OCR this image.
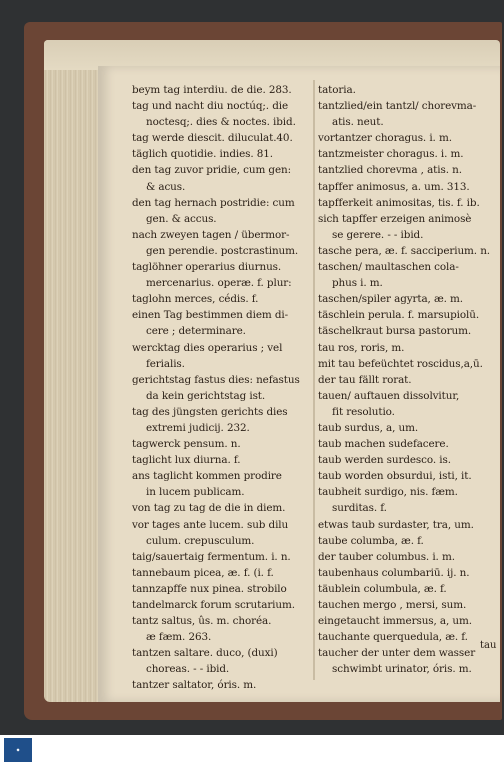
beym tag interdiu. de die. 283.
tag und nacht diu noctúq;. die
noctesq;. dies & noctes. ibid.
tag werde diescit. diluculat.40.
täglich quotidie. indies. 81.
den tag zuvor pridie, cum gen:
& acus.
den tag hernach postridie: cum
gen. & accus.
nach zweyen tagen / übermor-
gen perendie. postcrastinum.
taglöhner operarius diurnus.
mercenarius. operæ. f. plur:
taglohn merces, cédis. f.
einen Tag bestimmen diem di-
cere ; determinare.
wercktag dies operarius ; vel
ferialis.
gerichtstag fastus dies: nefastus
da kein gerichtstag ist.
tag des jüngsten gerichts dies
extremi judicij. 232.
tagwerck pensum. n.
taglicht lux diurna. f.
ans taglicht kommen prodire
in lucem publicam.
von tag zu tag de die in diem.
vor tages ante lucem. sub dilu
culum. crepusculum.
taig/sauertaig fermentum. i. n.
tannebaum picea, æ. f. (i. f.
tannzapffe nux pinea. strobilo
tandelmarck forum scrutarium.
tantz saltus, ûs. m. choréa.
æ fæm. 263.
tantzen saltare. duco, (duxi)
choreas. - - ibid.
tantzer saltator, óris. m.
tatoria.
tantzlied/ein tantzl/ chorevma-
atis. neut.
vortantzer choragus. i. m.
tantzmeister choragus. i. m.
tantzlied chorevma , atis. n.
tapffer animosus, a. um. 313.
tapfferkeit animositas, tis. f. ib.
sich tapffer erzeigen animosè
se gerere. - - ibid.
tasche pera, æ. f. sacciperium. n.
taschen/ maultaschen cola-
phus i. m.
taschen/spiler agyrta, æ. m.
täschlein perula. f. marsupiolū.
täschelkraut bursa pastorum.
tau ros, roris, m.
mit tau befeüchtet roscidus,a,ū.
der tau fällt rorat.
tauen/ auftauen dissolvitur,
fit resolutio.
taub surdus, a, um.
taub machen sudefacere.
taub werden surdesco. is.
taub worden obsurdui, isti, it.
taubheit surdigo, nis. fæm.
surditas. f.
etwas taub surdaster, tra, um.
taube columba, æ. f.
der tauber columbus. i. m.
taubenhaus columbariū. ij. n.
täublein columbula, æ. f.
tauchen mergo , mersi, sum.
eingetaucht immersus, a, um.
tauchante querquedula, æ. f.
taucher der unter dem wasser
schwimbt urinator, óris. m.
tau
◆
